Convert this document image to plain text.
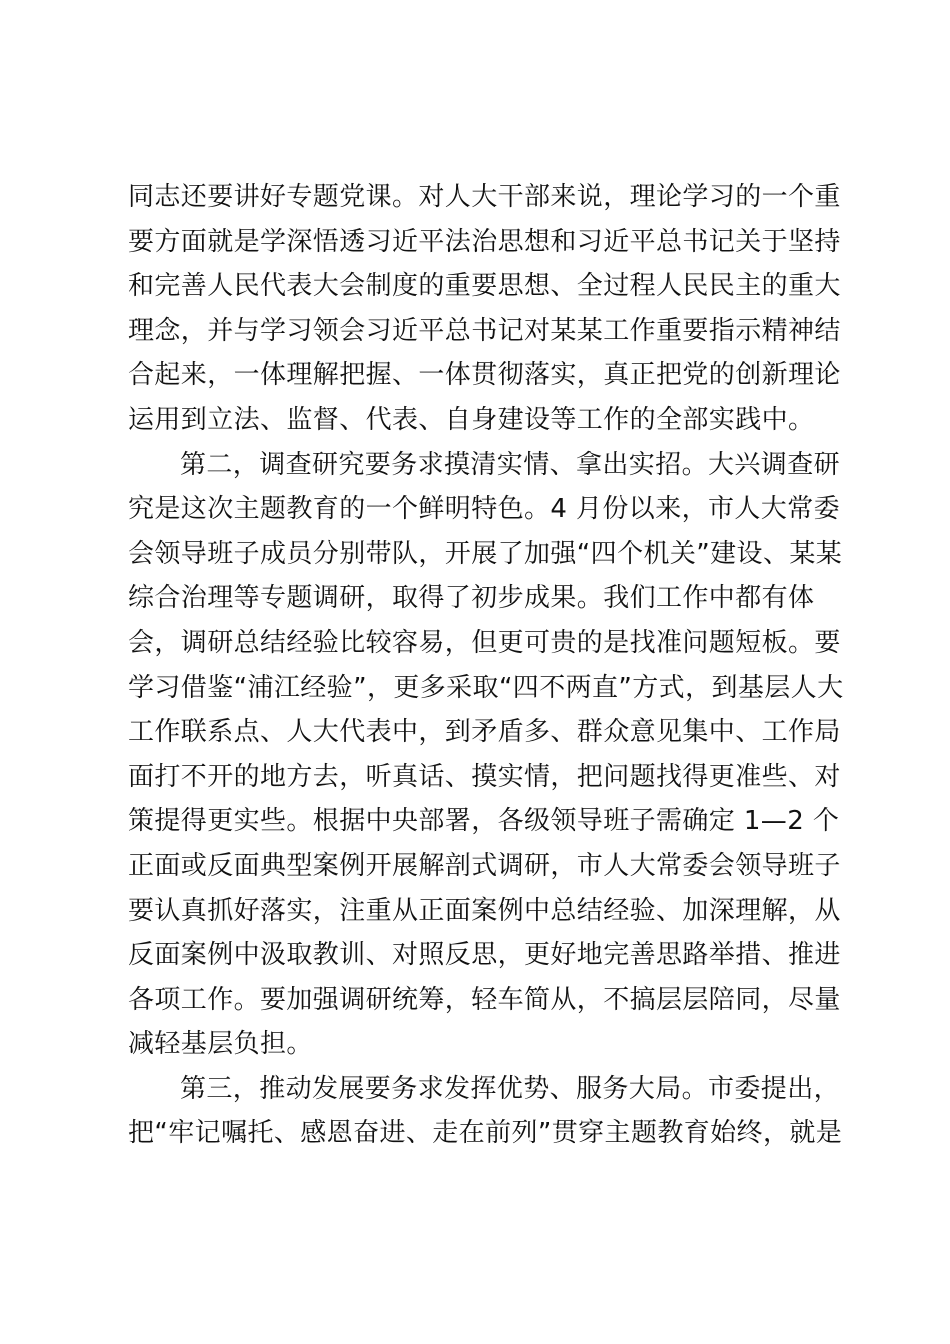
同志还要讲好专题党课。对人大干部来说，理论学习的一个重
要方面就是学深悟透习近平法治思想和习近平总书记关于坚持
和完善人民代表大会制度的重要思想、全过程人民民主的重大
理念，并与学习领会习近平总书记对某某工作重要指示精神结
合起来，一体理解把握、一体贯彻落实，真正把党的创新理论
运用到立法、监督、代表、自身建设等工作的全部实践中。
第二，调查研究要务求摸清实情、拿出实招。大兴调查研
究是这次主题教育的一个鲜明特色。4 月份以来，市人大常委
会领导班子成员分别带队，开展了加强“四个机关”建设、某某
综合治理等专题调研，取得了初步成果。我们工作中都有体
会，调研总结经验比较容易，但更可贵的是找准问题短板。要
学习借鉴“浦江经验”，更多采取“四不两直”方式，到基层人大
工作联系点、人大代表中，到矛盾多、群众意见集中、工作局
面打不开的地方去，听真话、摸实情，把问题找得更准些、对
策提得更实些。根据中央部署，各级领导班子需确定 1—2 个
正面或反面典型案例开展解剖式调研，市人大常委会领导班子
要认真抓好落实，注重从正面案例中总结经验、加深理解，从
反面案例中汲取教训、对照反思，更好地完善思路举措、推进
各项工作。要加强调研统筹，轻车简从，不搞层层陪同，尽量
减轻基层负担。
第三，推动发展要务求发挥优势、服务大局。市委提出，
把“牢记嘱托、感恩奋进、走在前列”贯穿主题教育始终，就是
